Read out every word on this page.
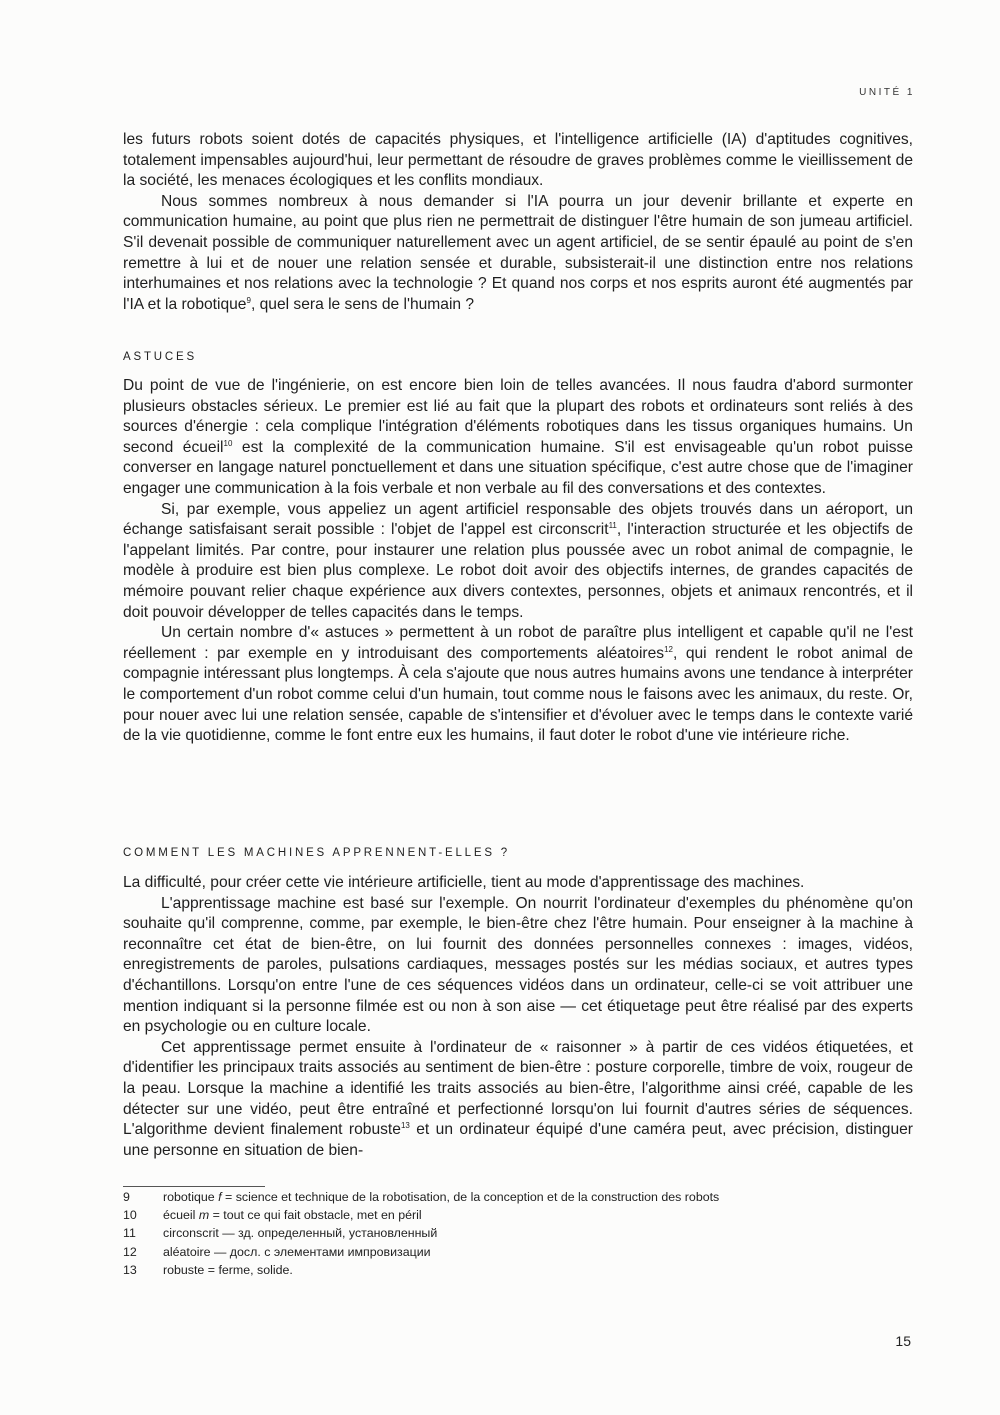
UNITÉ 1

les futurs robots soient dotés de capacités physiques, et l'intelligence artificielle (IA) d'aptitudes cognitives, totalement impensables aujourd'hui, leur permettant de résoudre de graves problèmes comme le vieillissement de la société, les menaces écologiques et les conflits mondiaux.

Nous sommes nombreux à nous demander si l'IA pourra un jour devenir brillante et experte en communication humaine, au point que plus rien ne permettrait de distinguer l'être humain de son jumeau artificiel. S'il devenait possible de communiquer naturellement avec un agent artificiel, de se sentir épaulé au point de s'en remettre à lui et de nouer une relation sensée et durable, subsisterait-il une distinction entre nos relations interhumaines et nos relations avec la technologie ? Et quand nos corps et nos esprits auront été augmentés par l'IA et la robotique$^9$, quel sera le sens de l'humain ?

ASTUCES

Du point de vue de l'ingénierie, on est encore bien loin de telles avancées. Il nous faudra d'abord surmonter plusieurs obstacles sérieux. Le premier est lié au fait que la plupart des robots et ordinateurs sont reliés à des sources d'énergie : cela complique l'intégration d'éléments robotiques dans les tissus organiques humains. Un second écueil$^{10}$ est la complexité de la communication humaine. S'il est envisageable qu'un robot puisse converser en langage naturel ponctuellement et dans une situation spécifique, c'est autre chose que de l'imaginer engager une communication à la fois verbale et non verbale au fil des conversations et des contextes.

Si, par exemple, vous appeliez un agent artificiel responsable des objets trouvés dans un aéroport, un échange satisfaisant serait possible : l'objet de l'appel est circonscrit$^{11}$, l'interaction structurée et les objectifs de l'appelant limités. Par contre, pour instaurer une relation plus poussée avec un robot animal de compagnie, le modèle à produire est bien plus complexe. Le robot doit avoir des objectifs internes, de grandes capacités de mémoire pouvant relier chaque expérience aux divers contextes, personnes, objets et animaux rencontrés, et il doit pouvoir développer de telles capacités dans le temps.

Un certain nombre d'« astuces » permettent à un robot de paraître plus intelligent et capable qu'il ne l'est réellement : par exemple en y introduisant des comportements aléatoires$^{12}$, qui rendent le robot animal de compagnie intéressant plus longtemps. À cela s'ajoute que nous autres humains avons une tendance à interpréter le comportement d'un robot comme celui d'un humain, tout comme nous le faisons avec les animaux, du reste. Or, pour nouer avec lui une relation sensée, capable de s'intensifier et d'évoluer avec le temps dans le contexte varié de la vie quotidienne, comme le font entre eux les humains, il faut doter le robot d'une vie intérieure riche.

COMMENT LES MACHINES APPRENNENT-ELLES ?

La difficulté, pour créer cette vie intérieure artificielle, tient au mode d'apprentissage des machines.

L'apprentissage machine est basé sur l'exemple. On nourrit l'ordinateur d'exemples du phénomène qu'on souhaite qu'il comprenne, comme, par exemple, le bien-être chez l'être humain. Pour enseigner à la machine à reconnaître cet état de bien-être, on lui fournit des données personnelles connexes : images, vidéos, enregistrements de paroles, pulsations cardiaques, messages postés sur les médias sociaux, et autres types d'échantillons. Lorsqu'on entre l'une de ces séquences vidéos dans un ordinateur, celle-ci se voit attribuer une mention indiquant si la personne filmée est ou non à son aise — cet étiquetage peut être réalisé par des experts en psychologie ou en culture locale.

Cet apprentissage permet ensuite à l'ordinateur de « raisonner » à partir de ces vidéos étiquetées, et d'identifier les principaux traits associés au sentiment de bien-être : posture corporelle, timbre de voix, rougeur de la peau. Lorsque la machine a identifié les traits associés au bien-être, l'algorithme ainsi créé, capable de les détecter sur une vidéo, peut être entraîné et perfectionné lorsqu'on lui fournit d'autres séries de séquences. L'algorithme devient finalement robuste$^{13}$ et un ordinateur équipé d'une caméra peut, avec précision, distinguer une personne en situation de bien-

9	robotique f = science et technique de la robotisation, de la conception et de la construction des robots
10	écueil m = tout ce qui fait obstacle, met en péril
11	circonscrit — зд. определенный, установленный
12	aléatoire — досл. с элементами импровизации
13	robuste = ferme, solide.
15
